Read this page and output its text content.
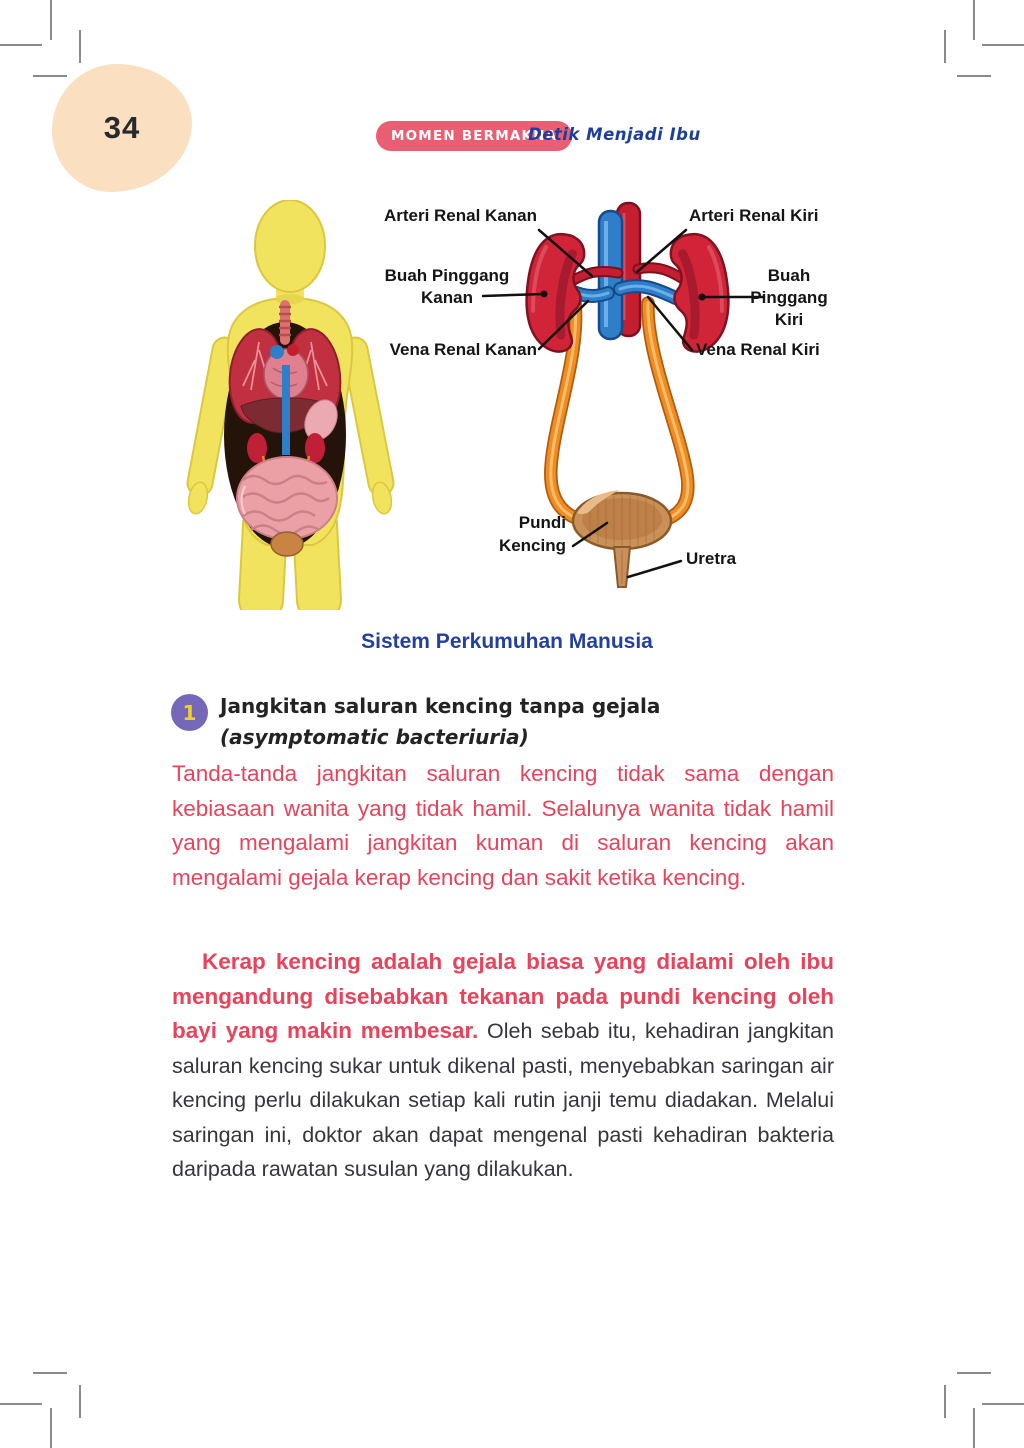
34	MOMEN BERMAKNA
Detik Menjadi Ibu
Arteri Renal Kanan
Buah Pinggang
Kanan
Vena Renal Kanan
Arteri Renal Kiri
Buah Pinggang
Kiri
Vena Renal Kiri
Pundi
Kencing
Uretra
Sistem Perkumuhan Manusia
1 Jangkitan saluran kencing tanpa gejala (asymptomatic bacteriuria)
Tanda-tanda jangkitan saluran kencing tidak sama dengan kebiasaan wanita yang tidak hamil. Selalunya wanita tidak hamil yang mengalami jangkitan kuman di saluran kencing akan mengalami gejala kerap kencing dan sakit ketika kencing.
Kerap kencing adalah gejala biasa yang dialami oleh ibu mengandung disebabkan tekanan pada pundi kencing oleh bayi yang makin membesar. Oleh sebab itu, kehadiran jangkitan saluran kencing sukar untuk dikenal pasti, menyebabkan saringan air kencing perlu dilakukan setiap kali rutin janji temu diadakan. Melalui saringan ini, doktor akan dapat mengenal pasti kehadiran bakteria daripada rawatan susulan yang dilakukan.
